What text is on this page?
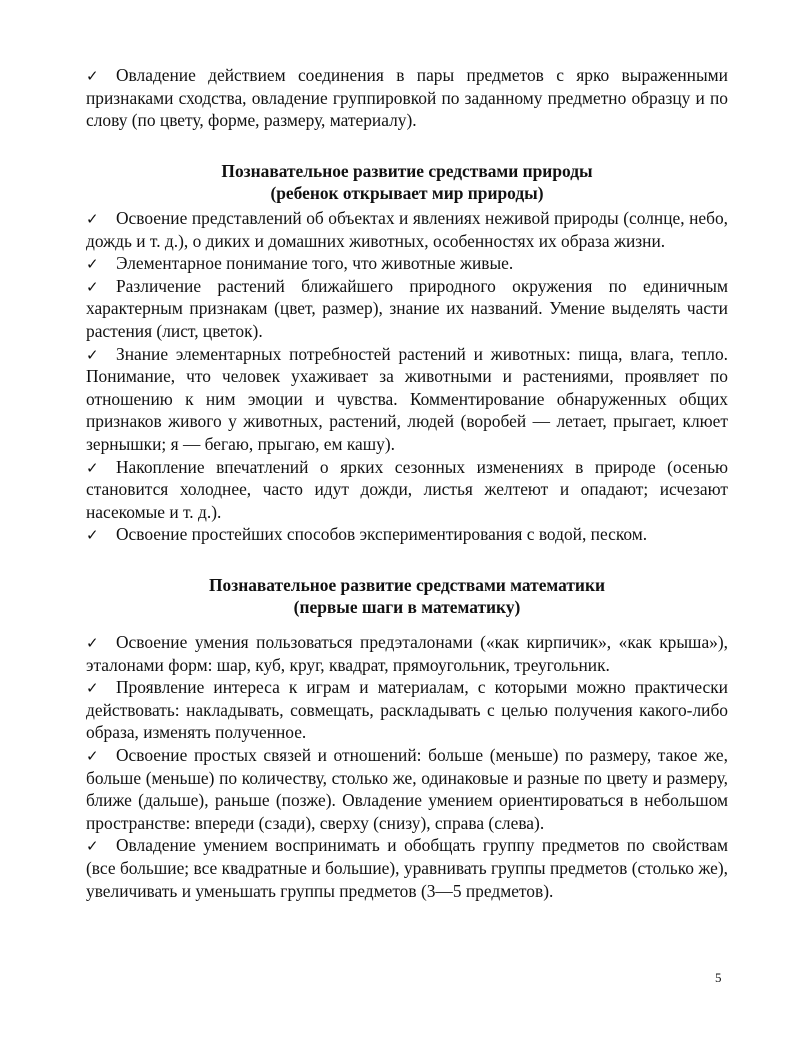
✓ Овладение действием соединения в пары предметов с ярко выраженными признаками сходства, овладение группировкой по заданному предметно образцу и по слову (по цвету, форме, размеру, материалу).

Познавательное развитие средствами природы

(ребенок открывает мир природы)

✓ Освоение представлений об объектах и явлениях неживой природы (солнце, небо, дождь и т. д.), о диких и домашних животных, особенностях их образа жизни.

✓ Элементарное понимание того, что животные живые.

✓ Различение растений ближайшего природного окружения по единичным характерным признакам (цвет, размер), знание их названий. Умение выделять части растения (лист, цветок).

✓ Знание элементарных потребностей растений и животных: пища, влага, тепло. Понимание, что человек ухаживает за животными и растениями, проявляет по отношению к ним эмоции и чувства. Комментирование обнаруженных общих признаков живого у животных, растений, людей (воробей — летает, прыгает, клюет зернышки; я — бегаю, прыгаю, ем кашу).

✓ Накопление впечатлений о ярких сезонных изменениях в природе (осенью становится холоднее, часто идут дожди, листья желтеют и опадают; исчезают насекомые и т. д.).

✓ Освоение простейших способов экспериментирования с водой, песком.

Познавательное развитие средствами математики

(первые шаги в математику)

✓ Освоение умения пользоваться предэталонами («как кирпичик», «как крыша»), эталонами форм: шар, куб, круг, квадрат, прямоугольник, треугольник.

✓ Проявление интереса к играм и материалам, с которыми можно практически действовать: накладывать, совмещать, раскладывать с целью получения какого-либо образа, изменять полученное.

✓ Освоение простых связей и отношений: больше (меньше) по размеру, такое же, больше (меньше) по количеству, столько же, одинаковые и разные по цвету и размеру, ближе (дальше), раньше (позже). Овладение умением ориентироваться в небольшом пространстве: впереди (сзади), сверху (снизу), справа (слева).

✓ Овладение умением воспринимать и обобщать группу предметов по свойствам (все большие; все квадратные и большие), уравнивать группы предметов (столько же), увеличивать и уменьшать группы предметов (3—5 предметов).

5
